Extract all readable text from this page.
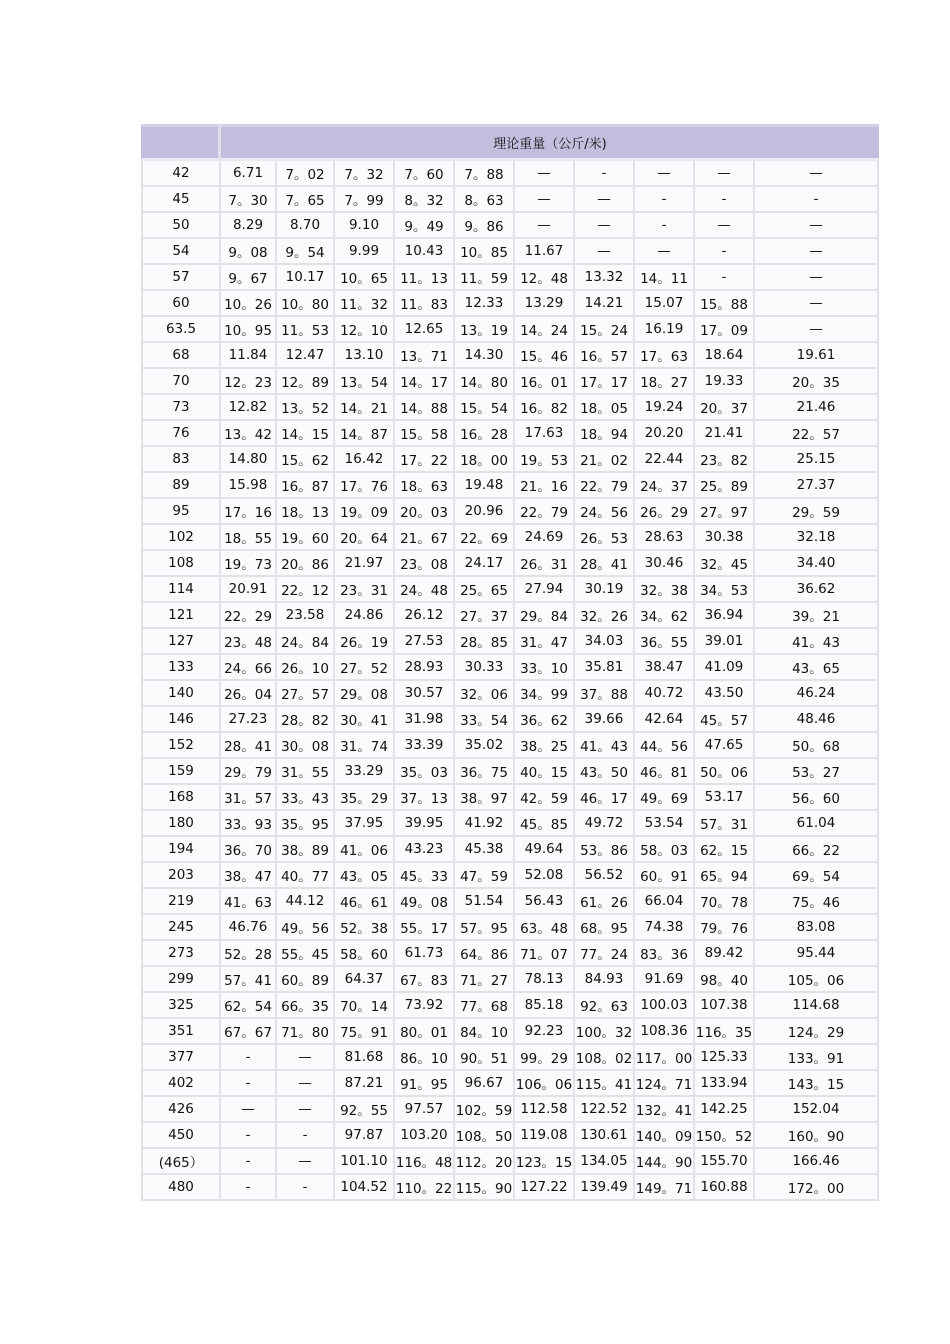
	理论重量（公斤/米)									
42	6.71	7。02	7。32	7。60	7。88	—	-	—	—	—
45	7。30	7。65	7。99	8。32	8。63	—	—	-	-	-
50	8.29	8.70	9.10	9。49	9。86	—	—	-	—	—
54	9。08	9。54	9.99	10.43	10。85	11.67	—	—	-	—
57	9。67	10.17	10。65	11。13	11。59	12。48	13.32	14。11	-	—
60	10。26	10。80	11。32	11。83	12.33	13.29	14.21	15.07	15。88	—
63.5	10。95	11。53	12。10	12.65	13。19	14。24	15。24	16.19	17。09	—
68	11.84	12.47	13.10	13。71	14.30	15。46	16。57	17。63	18.64	19.61
70	12。23	12。89	13。54	14。17	14。80	16。01	17。17	18。27	19.33	20。35
73	12.82	13。52	14。21	14。88	15。54	16。82	18。05	19.24	20。37	21.46
76	13。42	14。15	14。87	15。58	16。28	17.63	18。94	20.20	21.41	22。57
83	14.80	15。62	16.42	17。22	18。00	19。53	21。02	22.44	23。82	25.15
89	15.98	16。87	17。76	18。63	19.48	21。16	22。79	24。37	25。89	27.37
95	17。16	18。13	19。09	20。03	20.96	22。79	24。56	26。29	27。97	29。59
102	18。55	19。60	20。64	21。67	22。69	24.69	26。53	28.63	30.38	32.18
108	19。73	20。86	21.97	23。08	24.17	26。31	28。41	30.46	32。45	34.40
114	20.91	22。12	23。31	24。48	25。65	27.94	30.19	32。38	34。53	36.62
121	22。29	23.58	24.86	26.12	27。37	29。84	32。26	34。62	36.94	39。21
127	23。48	24。84	26。19	27.53	28。85	31。47	34.03	36。55	39.01	41。43
133	24。66	26。10	27。52	28.93	30.33	33。10	35.81	38.47	41.09	43。65
140	26。04	27。57	29。08	30.57	32。06	34。99	37。88	40.72	43.50	46.24
146	27.23	28。82	30。41	31.98	33。54	36。62	39.66	42.64	45。57	48.46
152	28。41	30。08	31。74	33.39	35.02	38。25	41。43	44。56	47.65	50。68
159	29。79	31。55	33.29	35。03	36。75	40。15	43。50	46。81	50。06	53。27
168	31。57	33。43	35。29	37。13	38。97	42。59	46。17	49。69	53.17	56。60
180	33。93	35。95	37.95	39.95	41.92	45。85	49.72	53.54	57。31	61.04
194	36。70	38。89	41。06	43.23	45.38	49.64	53。86	58。03	62。15	66。22
203	38。47	40。77	43。05	45。33	47。59	52.08	56.52	60。91	65。94	69。54
219	41。63	44.12	46。61	49。08	51.54	56.43	61。26	66.04	70。78	75。46
245	46.76	49。56	52。38	55。17	57。95	63。48	68。95	74.38	79。76	83.08
273	52。28	55。45	58。60	61.73	64。86	71。07	77。24	83。36	89.42	95.44
299	57。41	60。89	64.37	67。83	71。27	78.13	84.93	91.69	98。40	105。06
325	62。54	66。35	70。14	73.92	77。68	85.18	92。63	100.03	107.38	114.68
351	67。67	71。80	75。91	80。01	84。10	92.23	100。32	108.36	116。35	124。29
377	-	—	81.68	86。10	90。51	99。29	108。02	117。00	125.33	133。91
402	-	—	87.21	91。95	96.67	106。06	115。41	124。71	133.94	143。15
426	—	—	92。55	97.57	102。59	112.58	122.52	132。41	142.25	152.04
450	-	-	97.87	103.20	108。50	119.08	130.61	140。09	150。52	160。90
(465）	-	—	101.10	116。48	112。20	123。15	134.05	144。90	155.70	166.46
480	-	-	104.52	110。22	115。90	127.22	139.49	149。71	160.88	172。00
